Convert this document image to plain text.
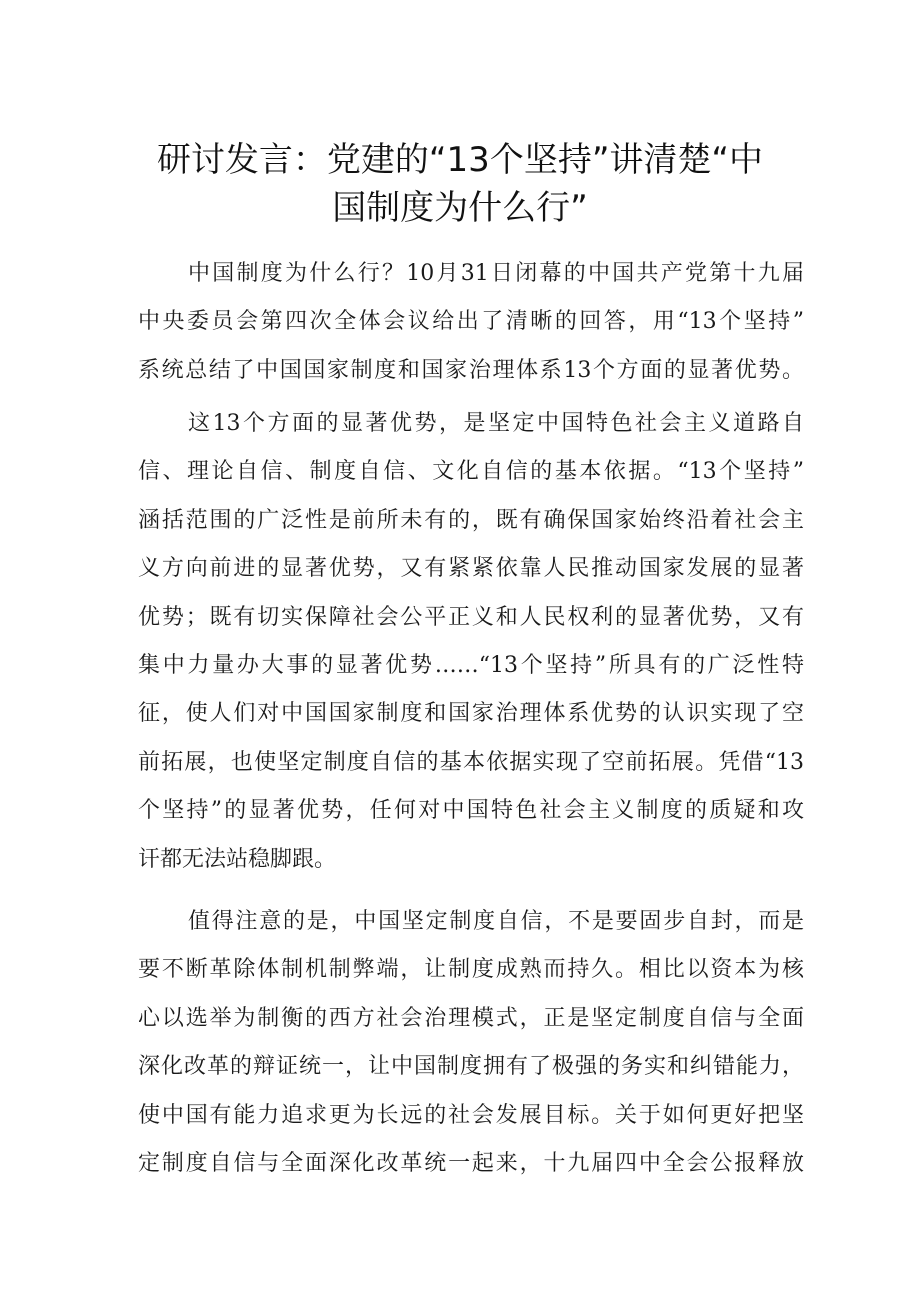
研讨发言：党建的“13个坚持”讲清楚“中
国制度为什么行”

中国制度为什么行？10月31日闭幕的中国共产党第十九届
中央委员会第四次全体会议给出了清晰的回答，用“13个坚持”
系统总结了中国国家制度和国家治理体系13个方面的显著优势。

这13个方面的显著优势，是坚定中国特色社会主义道路自
信、理论自信、制度自信、文化自信的基本依据。“13个坚持”
涵括范围的广泛性是前所未有的，既有确保国家始终沿着社会主
义方向前进的显著优势，又有紧紧依靠人民推动国家发展的显著
优势；既有切实保障社会公平正义和人民权利的显著优势，又有
集中力量办大事的显著优势……“13个坚持”所具有的广泛性特
征，使人们对中国国家制度和国家治理体系优势的认识实现了空
前拓展，也使坚定制度自信的基本依据实现了空前拓展。凭借“13
个坚持”的显著优势，任何对中国特色社会主义制度的质疑和攻
讦都无法站稳脚跟。

值得注意的是，中国坚定制度自信，不是要固步自封，而是
要不断革除体制机制弊端，让制度成熟而持久。相比以资本为核
心以选举为制衡的西方社会治理模式，正是坚定制度自信与全面
深化改革的辩证统一，让中国制度拥有了极强的务实和纠错能力，
使中国有能力追求更为长远的社会发展目标。关于如何更好把坚
定制度自信与全面深化改革统一起来，十九届四中全会公报释放
